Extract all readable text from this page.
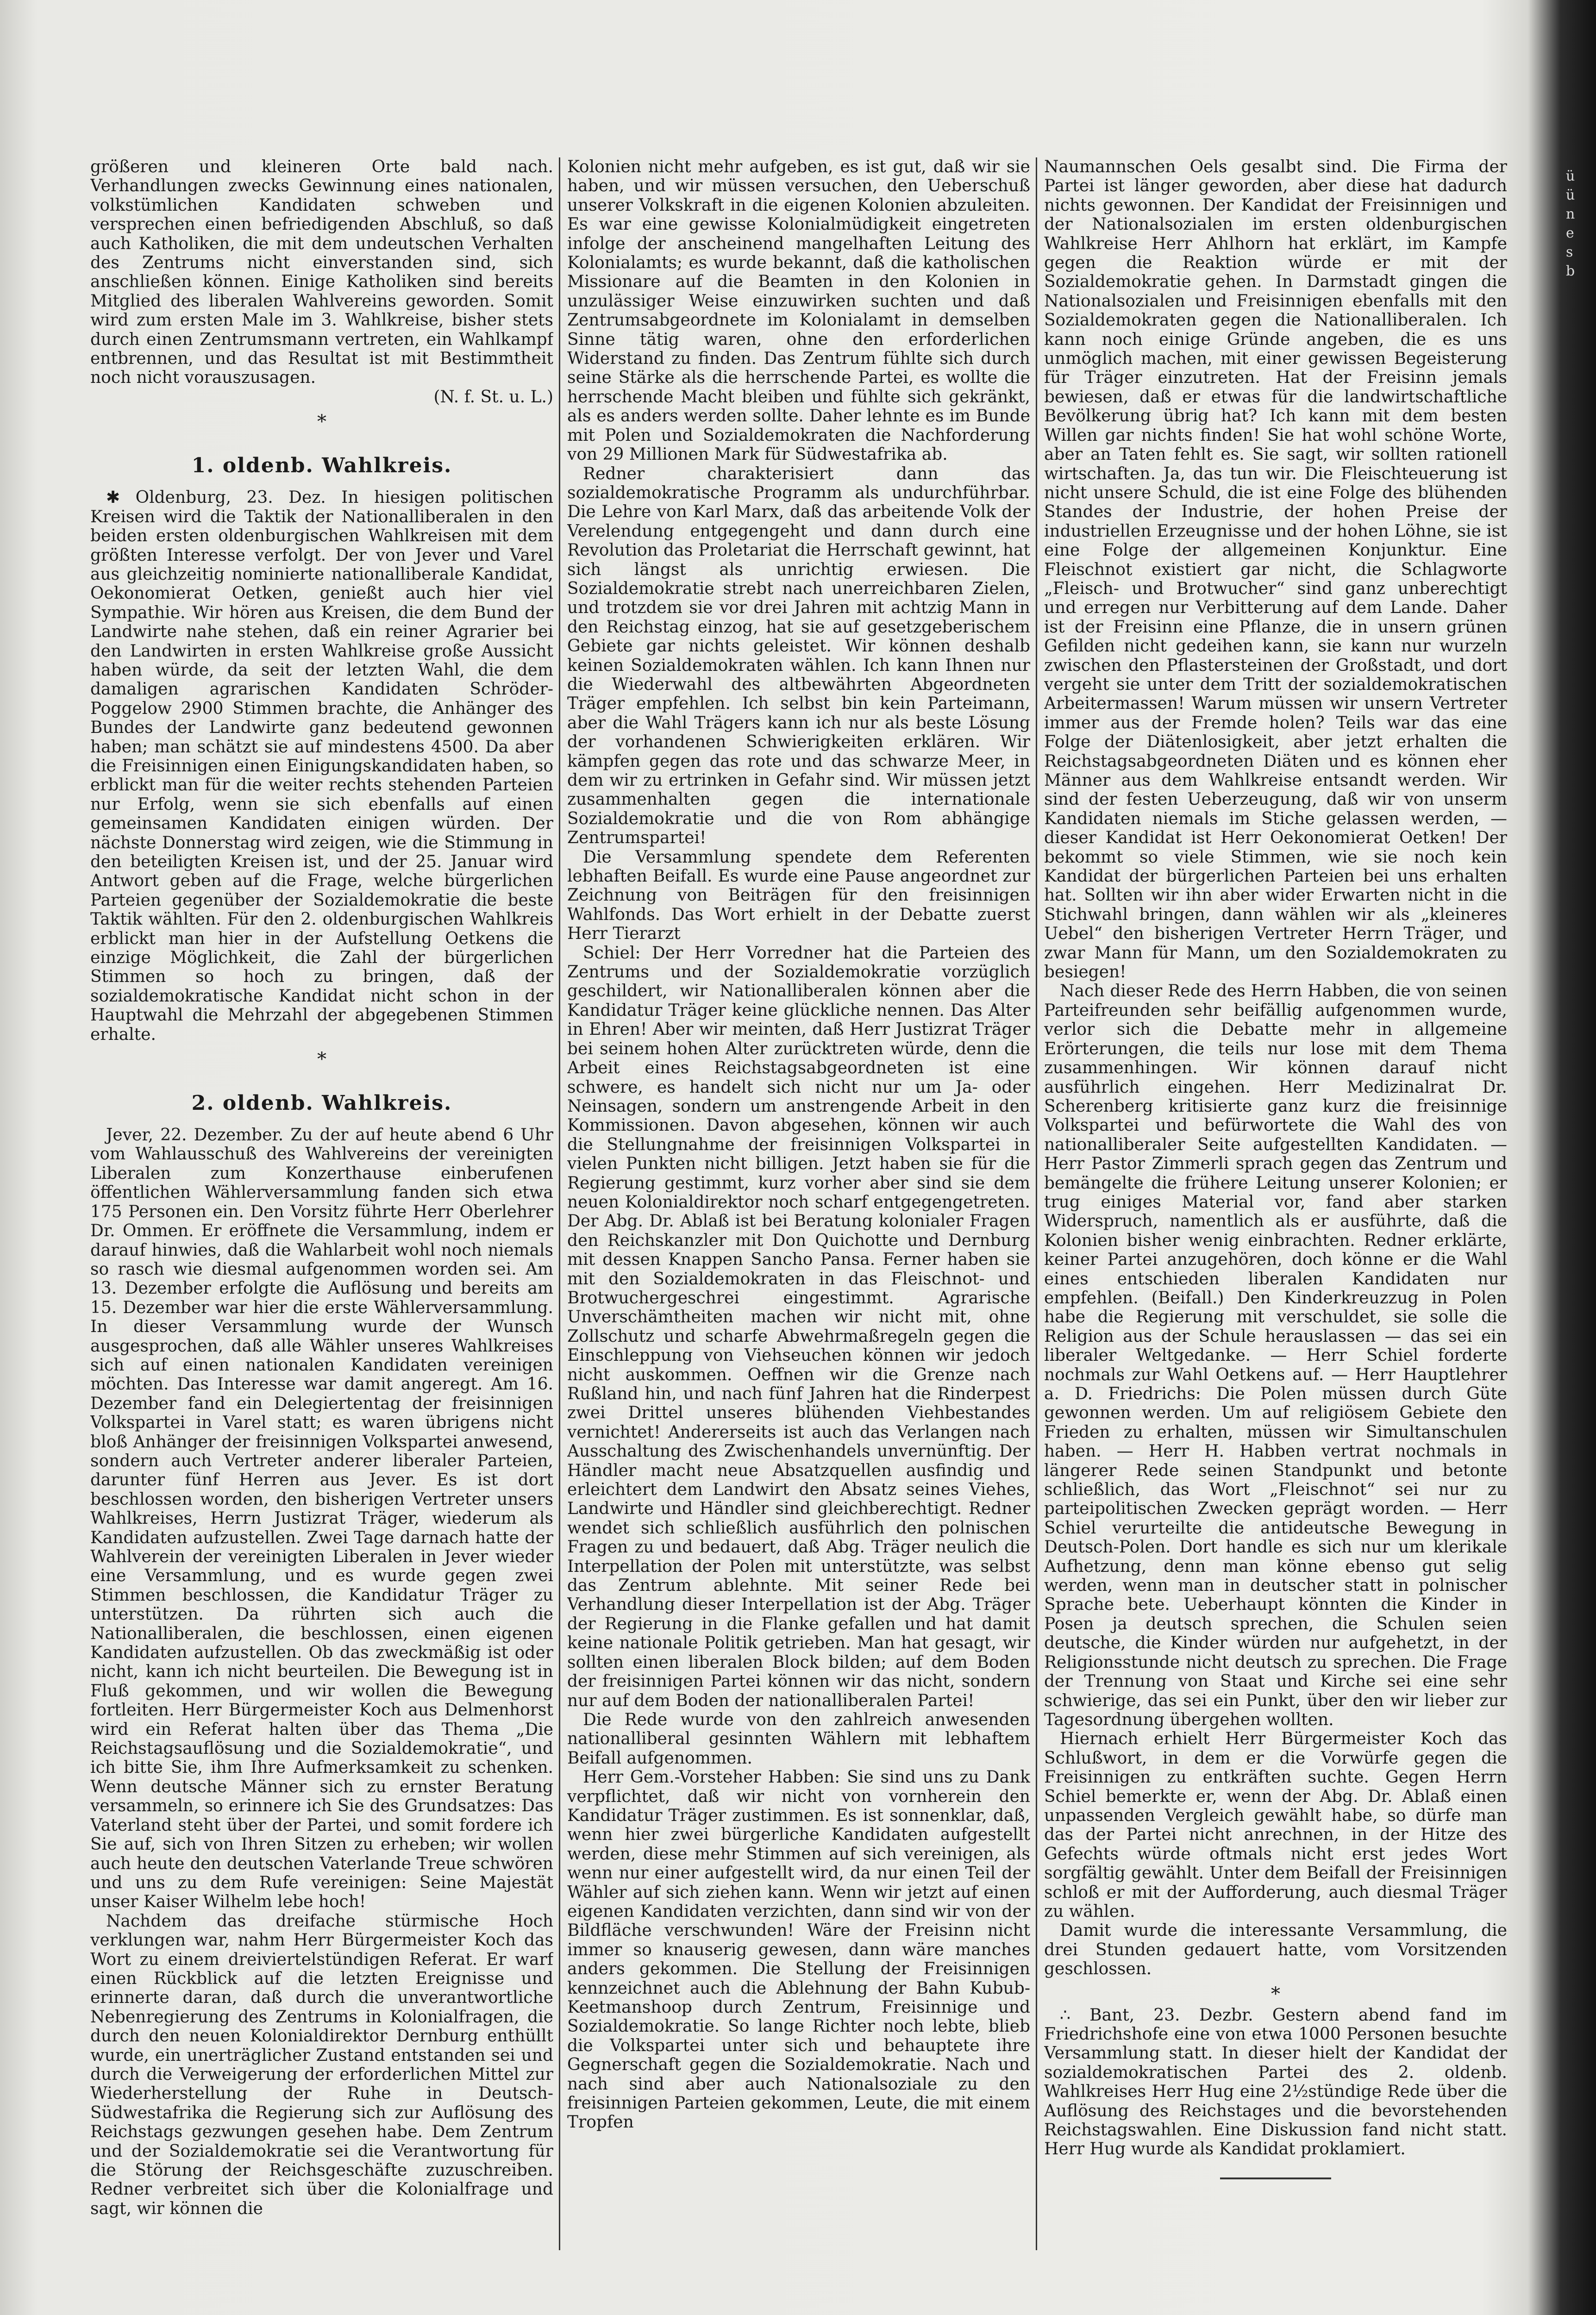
größeren und kleineren Orte bald nach. Verhandlungen zwecks Gewinnung eines nationalen, volkstümlichen Kandidaten schweben und versprechen einen befriedigenden Abschluß, so daß auch Katholiken, die mit dem undeutschen Verhalten des Zentrums nicht einverstanden sind, sich anschließen können. Einige Katholiken sind bereits Mitglied des liberalen Wahlvereins geworden. Somit wird zum ersten Male im 3. Wahlkreise, bisher stets durch einen Zentrumsmann vertreten, ein Wahlkampf entbrennen, und das Resultat ist mit Bestimmtheit noch nicht vorauszusagen.

(N. f. St. u. L.)

*
1. oldenb. Wahlkreis.

✱ Oldenburg, 23. Dez. In hiesigen politischen Kreisen wird die Taktik der Nationalliberalen in den beiden ersten oldenburgischen Wahlkreisen mit dem größten Interesse verfolgt. Der von Jever und Varel aus gleichzeitig nominierte nationalliberale Kandidat, Oekonomierat Oetken, genießt auch hier viel Sympathie. Wir hören aus Kreisen, die dem Bund der Landwirte nahe stehen, daß ein reiner Agrarier bei den Landwirten in ersten Wahlkreise große Aussicht haben würde, da seit der letzten Wahl, die dem damaligen agrarischen Kandidaten Schröder-Poggelow 2900 Stimmen brachte, die Anhänger des Bundes der Landwirte ganz bedeutend gewonnen haben; man schätzt sie auf mindestens 4500. Da aber die Freisinnigen einen Einigungskandidaten haben, so erblickt man für die weiter rechts stehenden Parteien nur Erfolg, wenn sie sich ebenfalls auf einen gemeinsamen Kandidaten einigen würden. Der nächste Donnerstag wird zeigen, wie die Stimmung in den beteiligten Kreisen ist, und der 25. Januar wird Antwort geben auf die Frage, welche bürgerlichen Parteien gegenüber der Sozialdemokratie die beste Taktik wählten. Für den 2. oldenburgischen Wahlkreis erblickt man hier in der Aufstellung Oetkens die einzige Möglichkeit, die Zahl der bürgerlichen Stimmen so hoch zu bringen, daß der sozialdemokratische Kandidat nicht schon in der Hauptwahl die Mehrzahl der abgegebenen Stimmen erhalte.

*
2. oldenb. Wahlkreis.

Jever, 22. Dezember. Zu der auf heute abend 6 Uhr vom Wahlausschuß des Wahlvereins der vereinigten Liberalen zum Konzerthause einberufenen öffentlichen Wählerversammlung fanden sich etwa 175 Personen ein. Den Vorsitz führte Herr Oberlehrer Dr. Ommen. Er eröffnete die Versammlung, indem er darauf hinwies, daß die Wahlarbeit wohl noch niemals so rasch wie diesmal aufgenommen worden sei. Am 13. Dezember erfolgte die Auflösung und bereits am 15. Dezember war hier die erste Wählerversammlung. In dieser Versammlung wurde der Wunsch ausgesprochen, daß alle Wähler unseres Wahlkreises sich auf einen nationalen Kandidaten vereinigen möchten. Das Interesse war damit angeregt. Am 16. Dezember fand ein Delegiertentag der freisinnigen Volkspartei in Varel statt; es waren übrigens nicht bloß Anhänger der freisinnigen Volkspartei anwesend, sondern auch Vertreter anderer liberaler Parteien, darunter fünf Herren aus Jever. Es ist dort beschlossen worden, den bisherigen Vertreter unsers Wahlkreises, Herrn Justizrat Träger, wiederum als Kandidaten aufzustellen. Zwei Tage darnach hatte der Wahlverein der vereinigten Liberalen in Jever wieder eine Versammlung, und es wurde gegen zwei Stimmen beschlossen, die Kandidatur Träger zu unterstützen. Da rührten sich auch die Nationalliberalen, die beschlossen, einen eigenen Kandidaten aufzustellen. Ob das zweckmäßig ist oder nicht, kann ich nicht beurteilen. Die Bewegung ist in Fluß gekommen, und wir wollen die Bewegung fortleiten. Herr Bürgermeister Koch aus Delmenhorst wird ein Referat halten über das Thema „Die Reichstagsauflösung und die Sozialdemokratie“, und ich bitte Sie, ihm Ihre Aufmerksamkeit zu schenken. Wenn deutsche Männer sich zu ernster Beratung versammeln, so erinnere ich Sie des Grundsatzes: Das Vaterland steht über der Partei, und somit fordere ich Sie auf, sich von Ihren Sitzen zu erheben; wir wollen auch heute den deutschen Vaterlande Treue schwören und uns zu dem Rufe vereinigen: Seine Majestät unser Kaiser Wilhelm lebe hoch!

Nachdem das dreifache stürmische Hoch verklungen war, nahm Herr Bürgermeister Koch das Wort zu einem dreiviertelstündigen Referat. Er warf einen Rückblick auf die letzten Ereignisse und erinnerte daran, daß durch die unverantwortliche Nebenregierung des Zentrums in Kolonialfragen, die durch den neuen Kolonialdirektor Dernburg enthüllt wurde, ein unerträglicher Zustand entstanden sei und durch die Verweigerung der erforderlichen Mittel zur Wiederherstellung der Ruhe in Deutsch-Südwestafrika die Regierung sich zur Auflösung des Reichstags gezwungen gesehen habe. Dem Zentrum und der Sozialdemokratie sei die Verantwortung für die Störung der Reichsgeschäfte zuzuschreiben. Redner verbreitet sich über die Kolonialfrage und sagt, wir können die

Kolonien nicht mehr aufgeben, es ist gut, daß wir sie haben, und wir müssen versuchen, den Ueberschuß unserer Volkskraft in die eigenen Kolonien abzuleiten. Es war eine gewisse Kolonialmüdigkeit eingetreten infolge der anscheinend mangelhaften Leitung des Kolonialamts; es wurde bekannt, daß die katholischen Missionare auf die Beamten in den Kolonien in unzulässiger Weise einzuwirken suchten und daß Zentrumsabgeordnete im Kolonialamt in demselben Sinne tätig waren, ohne den erforderlichen Widerstand zu finden. Das Zentrum fühlte sich durch seine Stärke als die herrschende Partei, es wollte die herrschende Macht bleiben und fühlte sich gekränkt, als es anders werden sollte. Daher lehnte es im Bunde mit Polen und Sozialdemokraten die Nachforderung von 29 Millionen Mark für Südwestafrika ab.

Redner charakterisiert dann das sozialdemokratische Programm als undurchführbar. Die Lehre von Karl Marx, daß das arbeitende Volk der Verelendung entgegengeht und dann durch eine Revolution das Proletariat die Herrschaft gewinnt, hat sich längst als unrichtig erwiesen. Die Sozialdemokratie strebt nach unerreichbaren Zielen, und trotzdem sie vor drei Jahren mit achtzig Mann in den Reichstag einzog, hat sie auf gesetzgeberischem Gebiete gar nichts geleistet. Wir können deshalb keinen Sozialdemokraten wählen. Ich kann Ihnen nur die Wiederwahl des altbewährten Abgeordneten Träger empfehlen. Ich selbst bin kein Parteimann, aber die Wahl Trägers kann ich nur als beste Lösung der vorhandenen Schwierigkeiten erklären. Wir kämpfen gegen das rote und das schwarze Meer, in dem wir zu ertrinken in Gefahr sind. Wir müssen jetzt zusammenhalten gegen die internationale Sozialdemokratie und die von Rom abhängige Zentrumspartei!

Die Versammlung spendete dem Referenten lebhaften Beifall. Es wurde eine Pause angeordnet zur Zeichnung von Beiträgen für den freisinnigen Wahlfonds. Das Wort erhielt in der Debatte zuerst Herr Tierarzt

Schiel: Der Herr Vorredner hat die Parteien des Zentrums und der Sozialdemokratie vorzüglich geschildert, wir Nationalliberalen können aber die Kandidatur Träger keine glückliche nennen. Das Alter in Ehren! Aber wir meinten, daß Herr Justizrat Träger bei seinem hohen Alter zurücktreten würde, denn die Arbeit eines Reichstagsabgeordneten ist eine schwere, es handelt sich nicht nur um Ja- oder Neinsagen, sondern um anstrengende Arbeit in den Kommissionen. Davon abgesehen, können wir auch die Stellungnahme der freisinnigen Volkspartei in vielen Punkten nicht billigen. Jetzt haben sie für die Regierung gestimmt, kurz vorher aber sind sie dem neuen Kolonialdirektor noch scharf entgegengetreten. Der Abg. Dr. Ablaß ist bei Beratung kolonialer Fragen den Reichskanzler mit Don Quichotte und Dernburg mit dessen Knappen Sancho Pansa. Ferner haben sie mit den Sozialdemokraten in das Fleischnot- und Brotwuchergeschrei eingestimmt. Agrarische Unverschämtheiten machen wir nicht mit, ohne Zollschutz und scharfe Abwehrmaßregeln gegen die Einschleppung von Viehseuchen können wir jedoch nicht auskommen. Oeffnen wir die Grenze nach Rußland hin, und nach fünf Jahren hat die Rinderpest zwei Drittel unseres blühenden Viehbestandes vernichtet! Andererseits ist auch das Verlangen nach Ausschaltung des Zwischenhandels unvernünftig. Der Händler macht neue Absatzquellen ausfindig und erleichtert dem Landwirt den Absatz seines Viehes, Landwirte und Händler sind gleichberechtigt. Redner wendet sich schließlich ausführlich den polnischen Fragen zu und bedauert, daß Abg. Träger neulich die Interpellation der Polen mit unterstützte, was selbst das Zentrum ablehnte. Mit seiner Rede bei Verhandlung dieser Interpellation ist der Abg. Träger der Regierung in die Flanke gefallen und hat damit keine nationale Politik getrieben. Man hat gesagt, wir sollten einen liberalen Block bilden; auf dem Boden der freisinnigen Partei können wir das nicht, sondern nur auf dem Boden der nationalliberalen Partei!

Die Rede wurde von den zahlreich anwesenden nationalliberal gesinnten Wählern mit lebhaftem Beifall aufgenommen.

Herr Gem.-Vorsteher Habben: Sie sind uns zu Dank verpflichtet, daß wir nicht von vornherein den Kandidatur Träger zustimmen. Es ist sonnenklar, daß, wenn hier zwei bürgerliche Kandidaten aufgestellt werden, diese mehr Stimmen auf sich vereinigen, als wenn nur einer aufgestellt wird, da nur einen Teil der Wähler auf sich ziehen kann. Wenn wir jetzt auf einen eigenen Kandidaten verzichten, dann sind wir von der Bildfläche verschwunden! Wäre der Freisinn nicht immer so knauserig gewesen, dann wäre manches anders gekommen. Die Stellung der Freisinnigen kennzeichnet auch die Ablehnung der Bahn Kubub-Keetmanshoop durch Zentrum, Freisinnige und Sozialdemokratie. So lange Richter noch lebte, blieb die Volkspartei unter sich und behauptete ihre Gegnerschaft gegen die Sozialdemokratie. Nach und nach sind aber auch Nationalsoziale zu den freisinnigen Parteien gekommen, Leute, die mit einem Tropfen

Naumannschen Oels gesalbt sind. Die Firma der Partei ist länger geworden, aber diese hat dadurch nichts gewonnen. Der Kandidat der Freisinnigen und der Nationalsozialen im ersten oldenburgischen Wahlkreise Herr Ahlhorn hat erklärt, im Kampfe gegen die Reaktion würde er mit der Sozialdemokratie gehen. In Darmstadt gingen die Nationalsozialen und Freisinnigen ebenfalls mit den Sozialdemokraten gegen die Nationalliberalen. Ich kann noch einige Gründe angeben, die es uns unmöglich machen, mit einer gewissen Begeisterung für Träger einzutreten. Hat der Freisinn jemals bewiesen, daß er etwas für die landwirtschaftliche Bevölkerung übrig hat? Ich kann mit dem besten Willen gar nichts finden! Sie hat wohl schöne Worte, aber an Taten fehlt es. Sie sagt, wir sollten rationell wirtschaften. Ja, das tun wir. Die Fleischteuerung ist nicht unsere Schuld, die ist eine Folge des blühenden Standes der Industrie, der hohen Preise der industriellen Erzeugnisse und der hohen Löhne, sie ist eine Folge der allgemeinen Konjunktur. Eine Fleischnot existiert gar nicht, die Schlagworte „Fleisch- und Brotwucher“ sind ganz unberechtigt und erregen nur Verbitterung auf dem Lande. Daher ist der Freisinn eine Pflanze, die in unsern grünen Gefilden nicht gedeihen kann, sie kann nur wurzeln zwischen den Pflastersteinen der Großstadt, und dort vergeht sie unter dem Tritt der sozialdemokratischen Arbeitermassen! Warum müssen wir unsern Vertreter immer aus der Fremde holen? Teils war das eine Folge der Diätenlosigkeit, aber jetzt erhalten die Reichstagsabgeordneten Diäten und es können eher Männer aus dem Wahlkreise entsandt werden. Wir sind der festen Ueberzeugung, daß wir von unserm Kandidaten niemals im Stiche gelassen werden, — dieser Kandidat ist Herr Oekonomierat Oetken! Der bekommt so viele Stimmen, wie sie noch kein Kandidat der bürgerlichen Parteien bei uns erhalten hat. Sollten wir ihn aber wider Erwarten nicht in die Stichwahl bringen, dann wählen wir als „kleineres Uebel“ den bisherigen Vertreter Herrn Träger, und zwar Mann für Mann, um den Sozialdemokraten zu besiegen!

Nach dieser Rede des Herrn Habben, die von seinen Parteifreunden sehr beifällig aufgenommen wurde, verlor sich die Debatte mehr in allgemeine Erörterungen, die teils nur lose mit dem Thema zusammenhingen. Wir können darauf nicht ausführlich eingehen. Herr Medizinalrat Dr. Scherenberg kritisierte ganz kurz die freisinnige Volkspartei und befürwortete die Wahl des von nationalliberaler Seite aufgestellten Kandidaten. — Herr Pastor Zimmerli sprach gegen das Zentrum und bemängelte die frühere Leitung unserer Kolonien; er trug einiges Material vor, fand aber starken Widerspruch, namentlich als er ausführte, daß die Kolonien bisher wenig einbrachten. Redner erklärte, keiner Partei anzugehören, doch könne er die Wahl eines entschieden liberalen Kandidaten nur empfehlen. (Beifall.) Den Kinderkreuzzug in Polen habe die Regierung mit verschuldet, sie solle die Religion aus der Schule herauslassen — das sei ein liberaler Weltgedanke. — Herr Schiel forderte nochmals zur Wahl Oetkens auf. — Herr Hauptlehrer a. D. Friedrichs: Die Polen müssen durch Güte gewonnen werden. Um auf religiösem Gebiete den Frieden zu erhalten, müssen wir Simultanschulen haben. — Herr H. Habben vertrat nochmals in längerer Rede seinen Standpunkt und betonte schließlich, das Wort „Fleischnot“ sei nur zu parteipolitischen Zwecken geprägt worden. — Herr Schiel verurteilte die antideutsche Bewegung in Deutsch-Polen. Dort handle es sich nur um klerikale Aufhetzung, denn man könne ebenso gut selig werden, wenn man in deutscher statt in polnischer Sprache bete. Ueberhaupt könnten die Kinder in Posen ja deutsch sprechen, die Schulen seien deutsche, die Kinder würden nur aufgehetzt, in der Religionsstunde nicht deutsch zu sprechen. Die Frage der Trennung von Staat und Kirche sei eine sehr schwierige, das sei ein Punkt, über den wir lieber zur Tagesordnung übergehen wollten.

Hiernach erhielt Herr Bürgermeister Koch das Schlußwort, in dem er die Vorwürfe gegen die Freisinnigen zu entkräften suchte. Gegen Herrn Schiel bemerkte er, wenn der Abg. Dr. Ablaß einen unpassenden Vergleich gewählt habe, so dürfe man das der Partei nicht anrechnen, in der Hitze des Gefechts würde oftmals nicht erst jedes Wort sorgfältig gewählt. Unter dem Beifall der Freisinnigen schloß er mit der Aufforderung, auch diesmal Träger zu wählen.

Damit wurde die interessante Versammlung, die drei Stunden gedauert hatte, vom Vorsitzenden geschlossen.

*

∴ Bant, 23. Dezbr. Gestern abend fand im Friedrichshofe eine von etwa 1000 Personen besuchte Versammlung statt. In dieser hielt der Kandidat der sozialdemokratischen Partei des 2. oldenb. Wahlkreises Herr Hug eine 2½stündige Rede über die Auflösung des Reichstages und die bevorstehenden Reichstagswahlen. Eine Diskussion fand nicht statt. Herr Hug wurde als Kandidat proklamiert.

ü
ü
n
e
s
b
